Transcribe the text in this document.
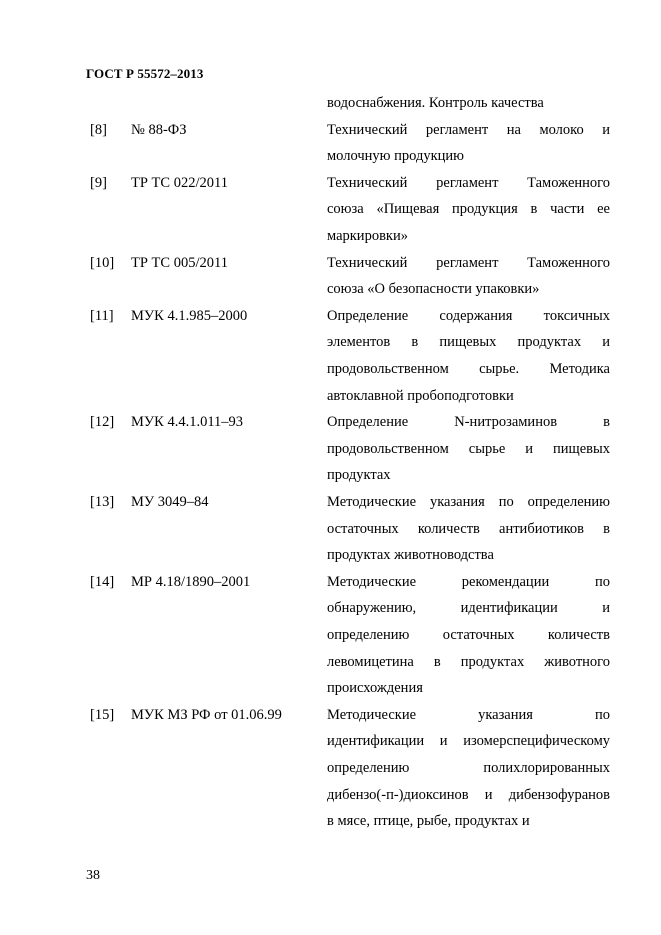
ГОСТ Р 55572–2013
водоснабжения. Контроль качества
[8]	№ 88-ФЗ	Технический регламент на молоко и
молочную продукцию
[9]	ТР ТС 022/2011	Технический регламент Таможенного
союза «Пищевая продукция в части ее
маркировки»
[10]	ТР ТС 005/2011	Технический регламент Таможенного
союза «О безопасности упаковки»
[11]	МУК 4.1.985–2000	Определение содержания токсичных
элементов в пищевых продуктах и
продовольственном сырье. Методика
автоклавной пробоподготовки
[12]	МУК 4.4.1.011–93	Определение N-нитрозаминов в
продовольственном сырье и пищевых
продуктах
[13]	МУ 3049–84	Методические указания по определению
остаточных количеств антибиотиков в
продуктах животноводства
[14]	МР 4.18/1890–2001	Методические рекомендации по
обнаружению, идентификации и
определению остаточных количеств
левомицетина в продуктах животного
происхождения
[15]	МУК МЗ РФ от 01.06.99	Методические указания по
идентификации и изомерспецифическому
определению полихлорированных
дибензо(-п-)диоксинов и дибензофуранов
в мясе, птице, рыбе, продуктах и
38
